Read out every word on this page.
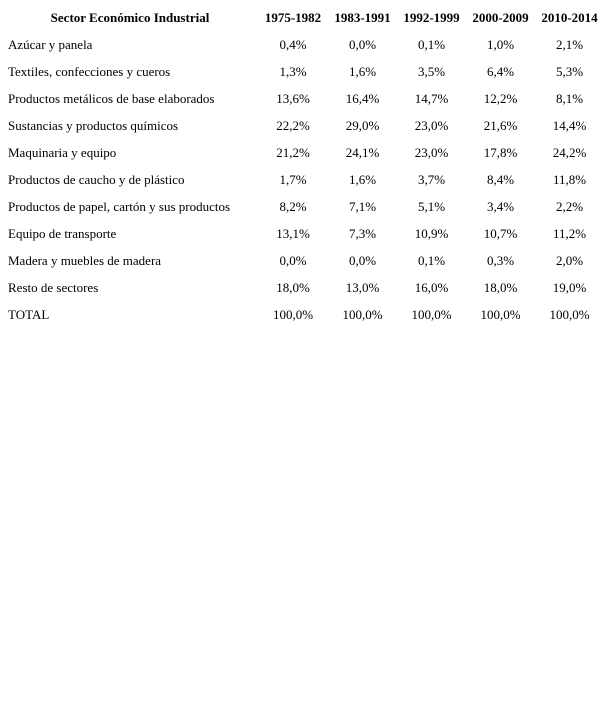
Sector Económico Industrial	1975-1982	1983-1991	1992-1999	2000-2009	2010-2014
Azúcar y panela	0,4%	0,0%	0,1%	1,0%	2,1%
Textiles, confecciones y cueros	1,3%	1,6%	3,5%	6,4%	5,3%
Productos metálicos de base elaborados	13,6%	16,4%	14,7%	12,2%	8,1%
Sustancias y productos químicos	22,2%	29,0%	23,0%	21,6%	14,4%
Maquinaria y equipo	21,2%	24,1%	23,0%	17,8%	24,2%
Productos de caucho y de plástico	1,7%	1,6%	3,7%	8,4%	11,8%
Productos de papel, cartón y sus productos	8,2%	7,1%	5,1%	3,4%	2,2%
Equipo de transporte	13,1%	7,3%	10,9%	10,7%	11,2%
Madera y muebles de madera	0,0%	0,0%	0,1%	0,3%	2,0%
Resto de sectores	18,0%	13,0%	16,0%	18,0%	19,0%
TOTAL	100,0%	100,0%	100,0%	100,0%	100,0%
